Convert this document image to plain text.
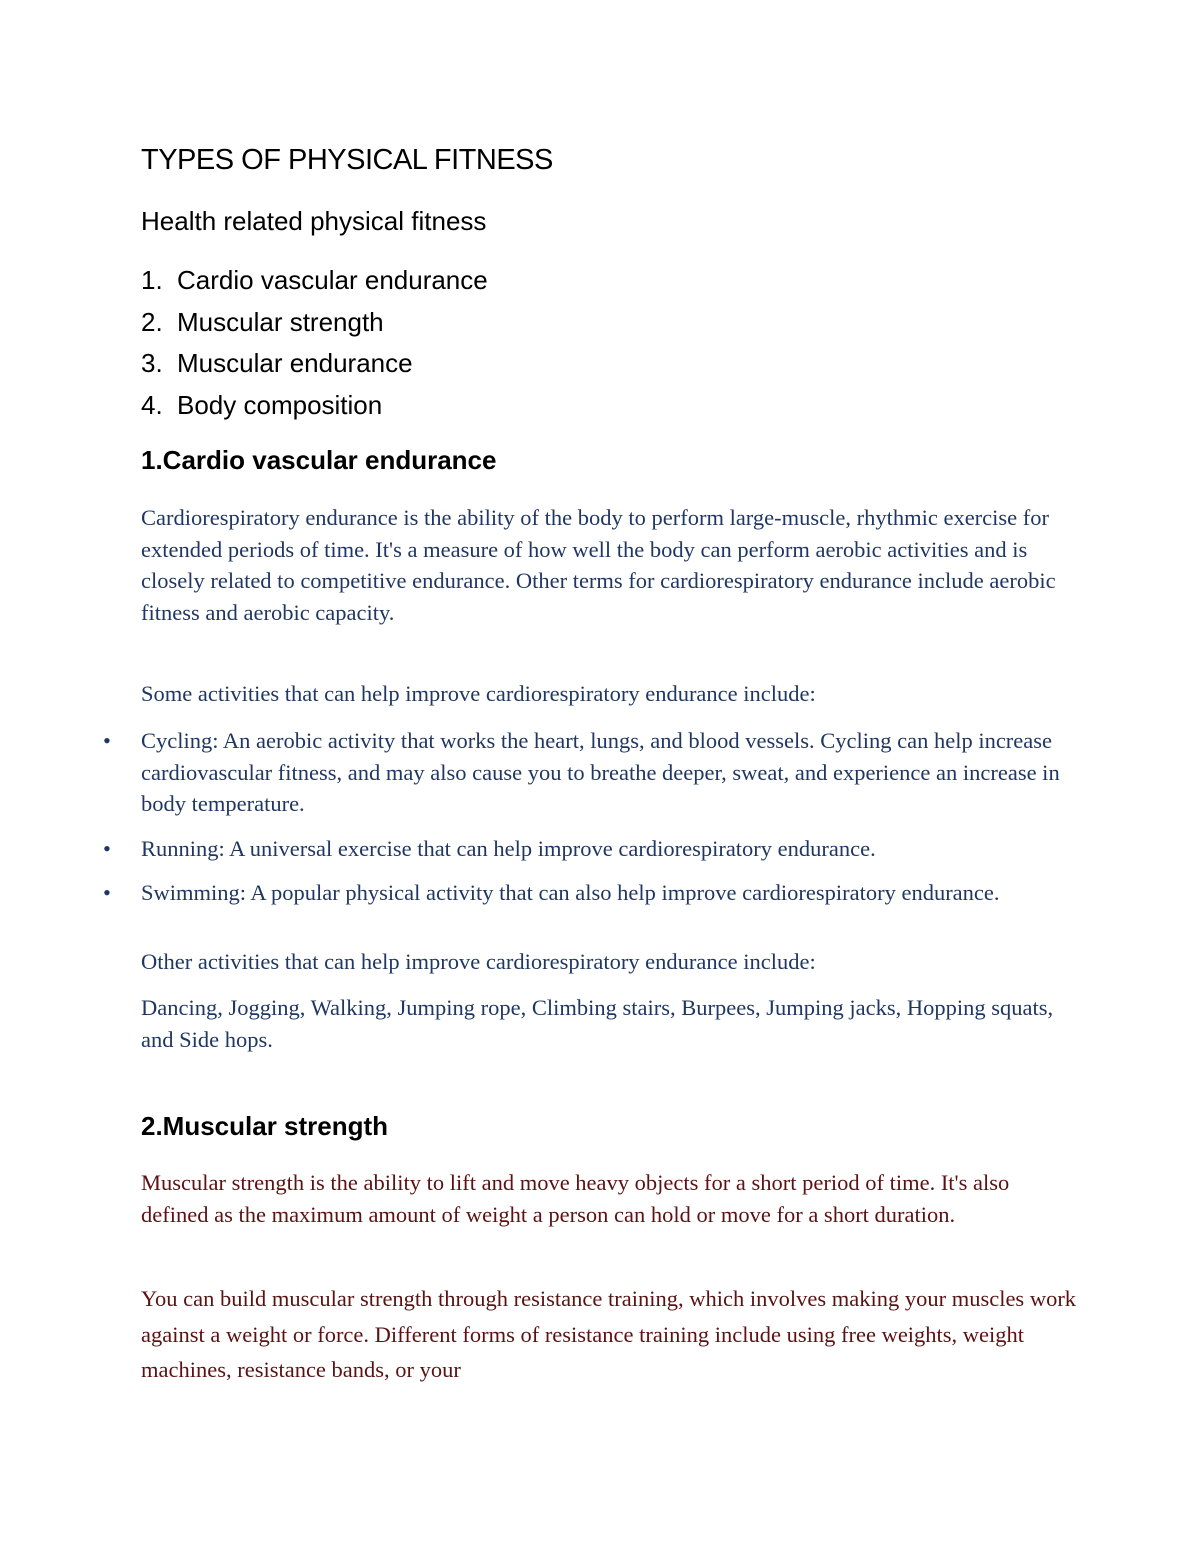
TYPES OF PHYSICAL FITNESS
Health related physical fitness
1. Cardio vascular endurance
2. Muscular strength
3. Muscular endurance
4. Body composition
1.Cardio vascular endurance

Cardiorespiratory endurance is the ability of the body to perform large-muscle, rhythmic exercise for extended periods of time. It's a measure of how well the body can perform aerobic activities and is closely related to competitive endurance. Other terms for cardiorespiratory endurance include aerobic fitness and aerobic capacity.

Some activities that can help improve cardiorespiratory endurance include:

• Cycling: An aerobic activity that works the heart, lungs, and blood vessels. Cycling can help increase cardiovascular fitness, and may also cause you to breathe deeper, sweat, and experience an increase in body temperature.
• Running: A universal exercise that can help improve cardiorespiratory endurance.
• Swimming: A popular physical activity that can also help improve cardiorespiratory endurance.

Other activities that can help improve cardiorespiratory endurance include:

Dancing, Jogging, Walking, Jumping rope, Climbing stairs, Burpees, Jumping jacks, Hopping squats, and Side hops.

2.Muscular strength

Muscular strength is the ability to lift and move heavy objects for a short period of time. It's also defined as the maximum amount of weight a person can hold or move for a short duration.

You can build muscular strength through resistance training, which involves making your muscles work against a weight or force. Different forms of resistance training include using free weights, weight machines, resistance bands, or your
